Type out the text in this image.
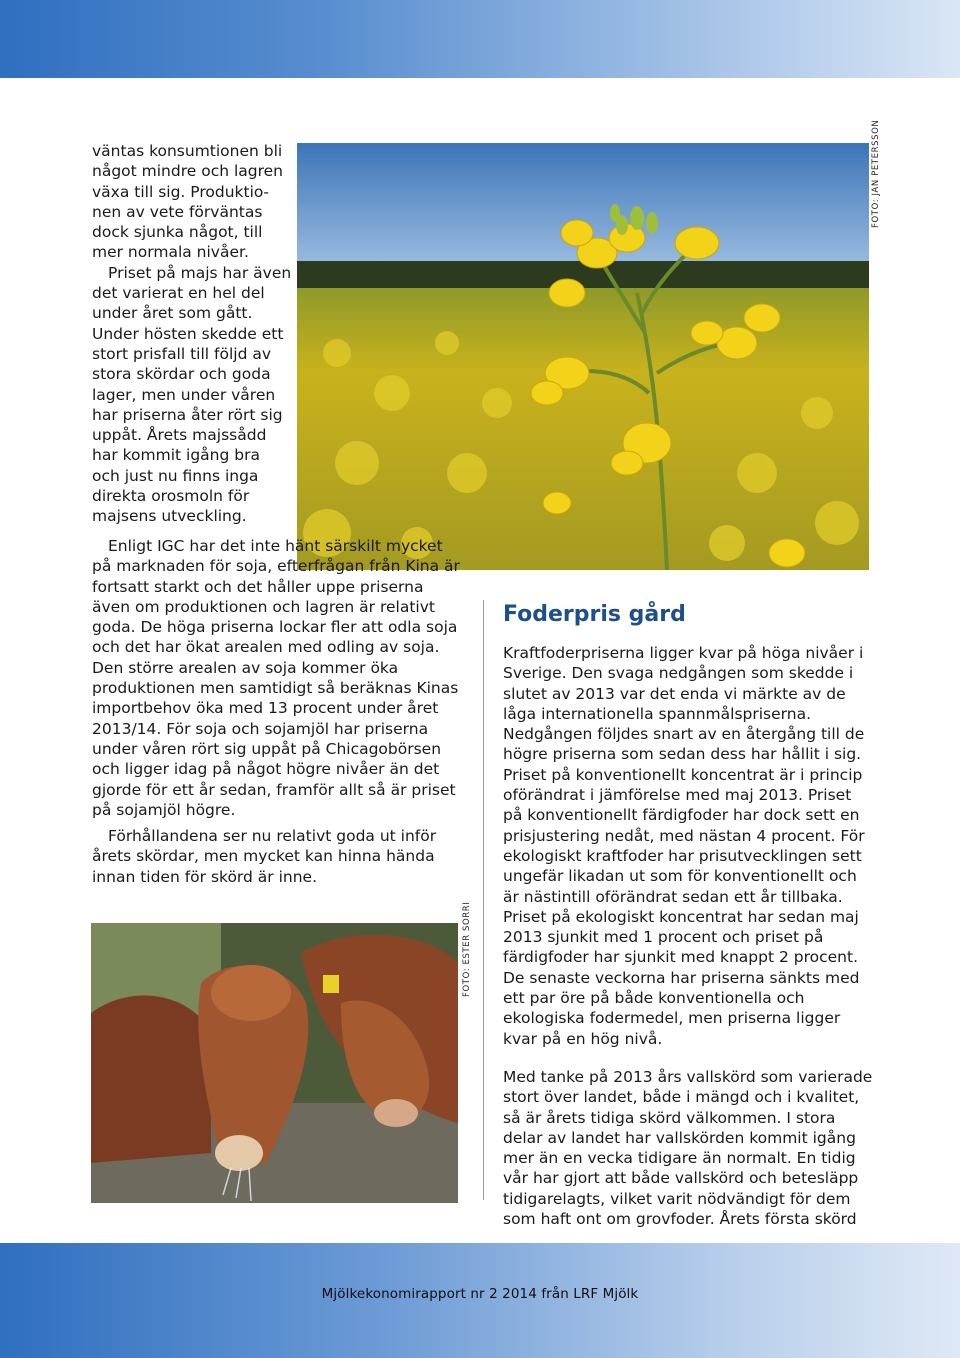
väntas konsumtionen bli något mindre och lagren växa till sig. Produktionen av vete förväntas dock sjunka något, till mer normala nivåer.

Priset på majs har även det varierat en hel del under året som gått. Under hösten skedde ett stort prisfall till följd av stora skördar och goda lager, men under våren har priserna åter rört sig uppåt. Årets majssådd har kommit igång bra och just nu finns inga direkta orosmoln för majsens utveckling.

FOTO: JAN PETERSSON

Enligt IGC har det inte hänt särskilt mycket på marknaden för soja, efterfrågan från Kina är fortsatt starkt och det håller uppe priserna även om produktionen och lagren är relativt goda. De höga priserna lockar fler att odla soja och det har ökat arealen med odling av soja. Den större arealen av soja kommer öka produktionen men samtidigt så beräknas Kinas importbehov öka med 13 procent under året 2013/14. För soja och sojamjöl har priserna under våren rört sig uppåt på Chicagobörsen och ligger idag på något högre nivåer än det gjorde för ett år sedan, framför allt så är priset på sojamjöl högre.

Förhållandena ser nu relativt goda ut inför årets skördar, men mycket kan hinna hända innan tiden för skörd är inne.

FOTO: ESTER SORRI
Foderpris gård

Kraftfoderpriserna ligger kvar på höga nivåer i Sverige. Den svaga nedgången som skedde i slutet av 2013 var det enda vi märkte av de låga internationella spannmålspriserna. Nedgången följdes snart av en återgång till de högre priserna som sedan dess har hållit i sig. Priset på konventionellt koncentrat är i princip oförändrat i jämförelse med maj 2013. Priset på konventionellt färdigfoder har dock sett en prisjustering nedåt, med nästan 4 procent. För ekologiskt kraftfoder har prisutvecklingen sett ungefär likadan ut som för konventionellt och är nästintill oförändrat sedan ett år tillbaka. Priset på ekologiskt koncentrat har sedan maj 2013 sjunkit med 1 procent och priset på färdigfoder har sjunkit med knappt 2 procent. De senaste veckorna har priserna sänkts med ett par öre på både konventionella och ekologiska fodermedel, men priserna ligger kvar på en hög nivå.

Med tanke på 2013 års vallskörd som varierade stort över landet, både i mängd och i kvalitet, så är årets tidiga skörd välkommen. I stora delar av landet har vallskörden kommit igång mer än en vecka tidigare än normalt. En tidig vår har gjort att både vallskörd och betesläpp tidigarelagts, vilket varit nödvändigt för dem som haft ont om grovfoder. Årets första skörd

Mjölkekonomirapport nr 2 2014 från LRF Mjölk
